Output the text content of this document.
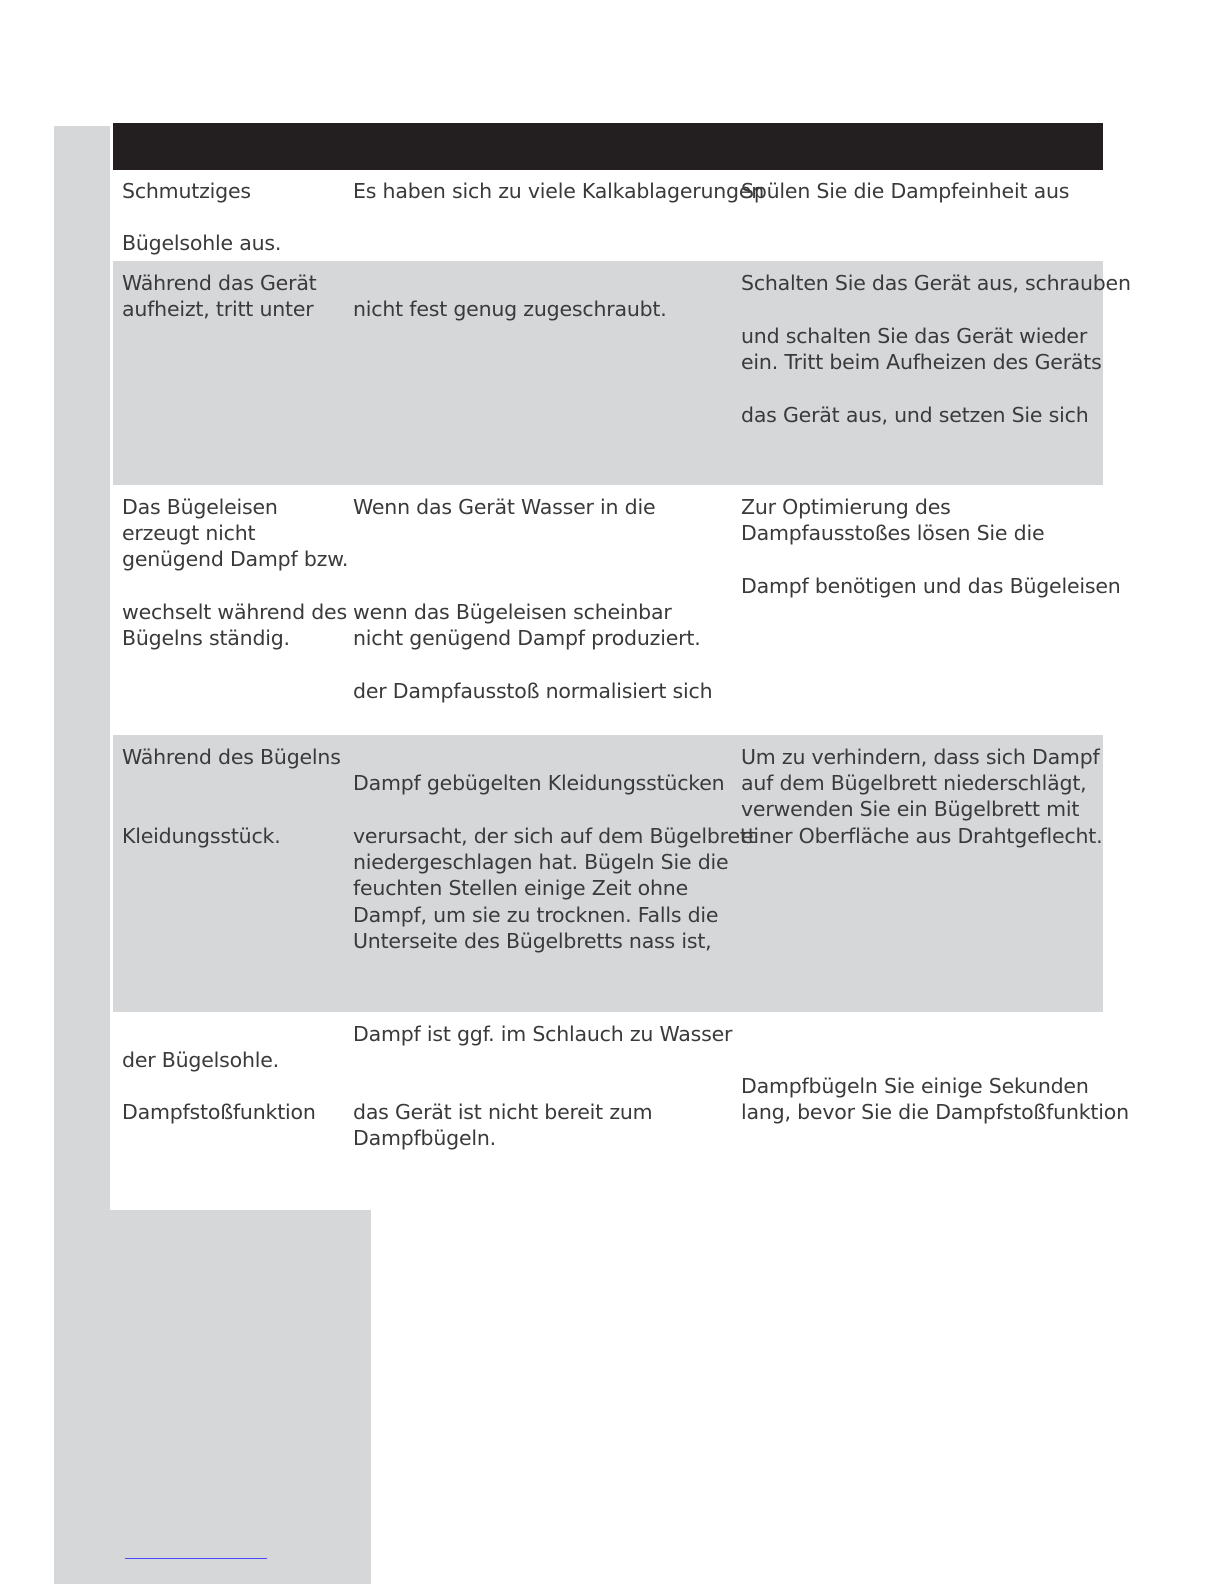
Schmutziges

Bügelsohle aus.

Es haben sich zu viele Kalkablagerungen

Spülen Sie die Dampfeinheit aus

Während das Gerät

aufheizt, tritt unter nicht fest genug zugeschraubt.

Schalten Sie das Gerät aus, schrauben

und schalten Sie das Gerät wieder

ein. Tritt beim Aufheizen des Geräts

das Gerät aus, und setzen Sie sich

Das Bügeleisen

erzeugt nicht

genügend Dampf bzw.

wechselt während des

Bügelns ständig.

Wenn das Gerät Wasser in die

wenn das Bügeleisen scheinbar

nicht genügend Dampf produziert.

der Dampfausstoß normalisiert sich

Zur Optimierung des

Dampfausstoßes lösen Sie die

Dampf benötigen und das Bügeleisen

Während des Bügelns

Kleidungsstück.

Dampf gebügelten Kleidungsstücken

verursacht, der sich auf dem Bügelbrett

niedergeschlagen hat. Bügeln Sie die

feuchten Stellen einige Zeit ohne

Dampf, um sie zu trocknen. Falls die

Unterseite des Bügelbretts nass ist,

Um zu verhindern, dass sich Dampf

auf dem Bügelbrett niederschlägt,

verwenden Sie ein Bügelbrett mit

einer Oberfläche aus Drahtgeflecht.

der Bügelsohle.

Dampfstoßfunktion

Dampf ist ggf. im Schlauch zu Wasser

das Gerät ist nicht bereit zum

Dampfbügeln.

Dampfbügeln Sie einige Sekunden

lang, bevor Sie die Dampfstoßfunktion
